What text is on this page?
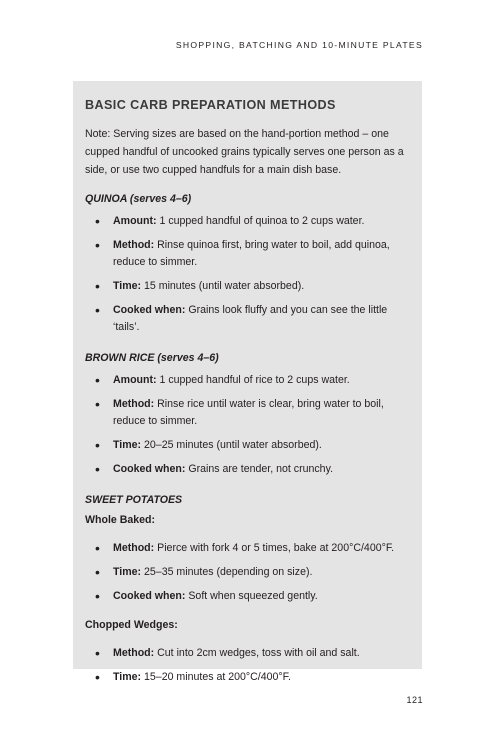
SHOPPING, BATCHING AND 10-MINUTE PLATES
BASIC CARB PREPARATION METHODS
Note: Serving sizes are based on the hand-portion method – one cupped handful of uncooked grains typically serves one person as a side, or use two cupped handfuls for a main dish base.
QUINOA (serves 4–6)
• Amount: 1 cupped handful of quinoa to 2 cups water.
• Method: Rinse quinoa first, bring water to boil, add quinoa, reduce to simmer.
• Time: 15 minutes (until water absorbed).
• Cooked when: Grains look fluffy and you can see the little ‘tails’.
BROWN RICE (serves 4–6)
• Amount: 1 cupped handful of rice to 2 cups water.
• Method: Rinse rice until water is clear, bring water to boil, reduce to simmer.
• Time: 20–25 minutes (until water absorbed).
• Cooked when: Grains are tender, not crunchy.
SWEET POTATOES
Whole Baked:
• Method: Pierce with fork 4 or 5 times, bake at 200°C/400°F.
• Time: 25–35 minutes (depending on size).
• Cooked when: Soft when squeezed gently.
Chopped Wedges:
• Method: Cut into 2cm wedges, toss with oil and salt.
• Time: 15–20 minutes at 200°C/400°F.
121
